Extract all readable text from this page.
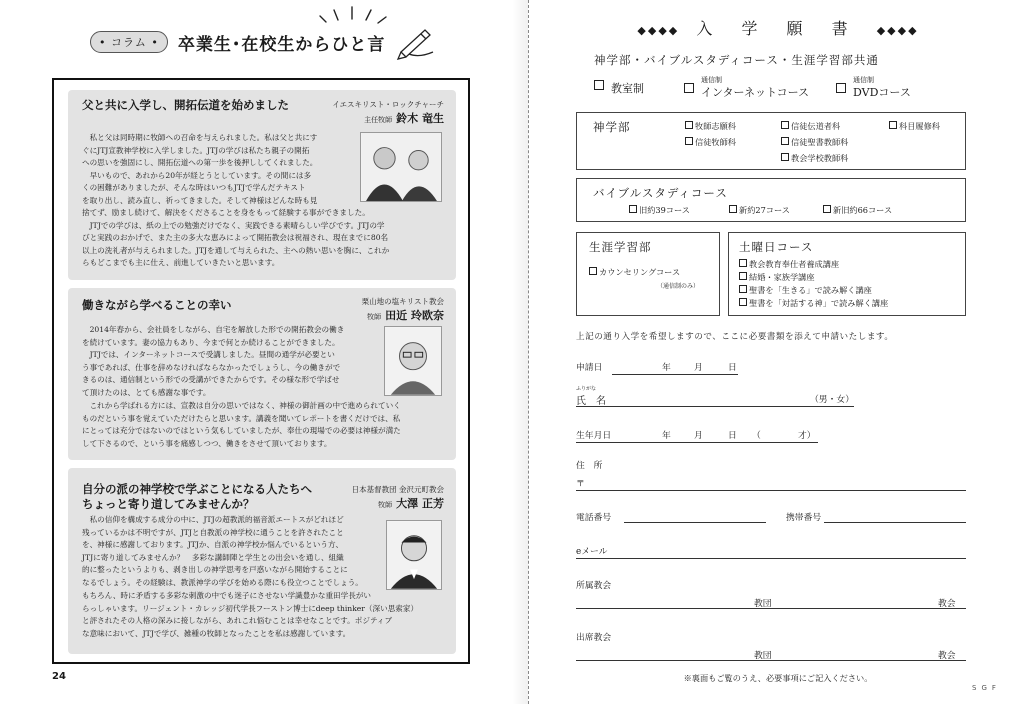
• コラム •	卒業生･在校生からひと言
父と共に入学し、開拓伝道を始めました	イエスキリスト・ロックチャーチ
主任牧師 鈴木 竜生
　私と父は同時期に牧師への召命を与えられました。私は父と共にす
ぐにJTJ宣教神学校に入学しました。JTJの学びは私たち親子の開拓
への思いを強固にし、開拓伝道への第一歩を後押ししてくれました。
　早いもので、あれから20年が経とうとしています。その間には多
くの困難がありましたが、そんな時はいつもJTJで学んだテキスト
を取り出し、読み直し、祈ってきました。そして神様はどんな時も見
捨てず、励まし続けて、解決をくださることを身をもって経験する事ができました。
　JTJでの学びは、紙の上での勉強だけでなく、実践できる素晴らしい学びです。JTJの学
びと実践のおかげで、また主の多大な恵みによって開拓教会は祝福され、現在までに80名
以上の洗礼者が与えられました。JTJを通して与えられた、主への熱い思いを胸に、これか
らもどこまでも主に仕え、前進していきたいと思います。
働きながら学べることの幸い	栗山地の塩キリスト教会
牧師 田近 玲欧奈
　2014年春から、会社員をしながら、自宅を解放した形での開拓教会の働き
を続けています。妻の協力もあり、今まで何とか続けることができました。
　JTJでは、インターネットコースで受講しました。昼間の通学が必要とい
う事であれば、仕事を辞めなければならなかったでしょうし、今の働きがで
きるのは、通信制という形での受講ができたからです。その様な形で学ばせ
て頂けたのは、とても感謝な事です。
　これから学ばれる方には、宣教は自分の思いではなく、神様の御計画の中で進められていく
ものだという事を覚えていただけたらと思います。講義を聞いてレポートを書くだけでは、私
にとっては充分ではないのではという気もしていましたが、奉仕の現場での必要は神様が満た
して下さるので、という事を痛感しつつ、働きをさせて頂いております。
自分の派の神学校で学ぶことになる人たちへ
ちょっと寄り道してみませんか？
日本基督教団 金沢元町教会
牧師 大澤 正芳
　私の信仰を構成する成分の中に、JTJの超教派的福音派エートスがどれほど
残っているかは不明ですが、JTJと自教派の神学校に通うことを許されたこと
を、神様に感謝しております。JTJか、自派の神学校か悩んでいるという方、
JTJに寄り道してみませんか？　多彩な講師陣と学生との出会いを通し、組織
的に整ったというよりも、剥き出しの神学思考を戸惑いながら開始することに
なるでしょう。その経験は、教派神学の学びを始める際にも役立つことでしょう。
もちろん、時に矛盾する多彩な刺激の中でも迷子にさせない学識豊かな重田学長がい
らっしゃいます。リージェント・カレッジ初代学長フーストン博士にdeep thinker（深い思索家）
と評されたその人格の深みに接しながら、あれこれ悩むことは幸せなことです。ポジティブ
な意味において、JTJで学び、雑種の牧師となったことを私は感謝しています。
24
◆◆◆◆ 入 学 願 書 ◆◆◆◆
神学部・バイブルスタディコース・生涯学習部共通
教室制
通信制
インターネットコース
通信制
DVDコース
神学部	牧師志願科	信徒伝道者科	科目履修科
信徒牧師科	信徒聖書教師科
教会学校教師科
バイブルスタディコース
旧約39コース	新約27コース	新旧約66コース
生涯学習部
カウンセリングコース
（通信制のみ）
土曜日コース
教会教育奉仕者養成講座
結婚・家族学講座
聖書を「生きる」で読み解く講座
聖書を「対話する神」で読み解く講座
上記の通り入学を希望しますので、ここに必要書類を添えて申請いたします。
申請日	年	月	日
ふりがな
氏　名	（男・女）
生年月日	年	月	日 （	才）
住　所
〒
電話番号	携帯番号
eメール
所属教会
教団	教会
出席教会
教団	教会
※裏面もご覧のうえ、必要事項にご記入ください。
SGF
